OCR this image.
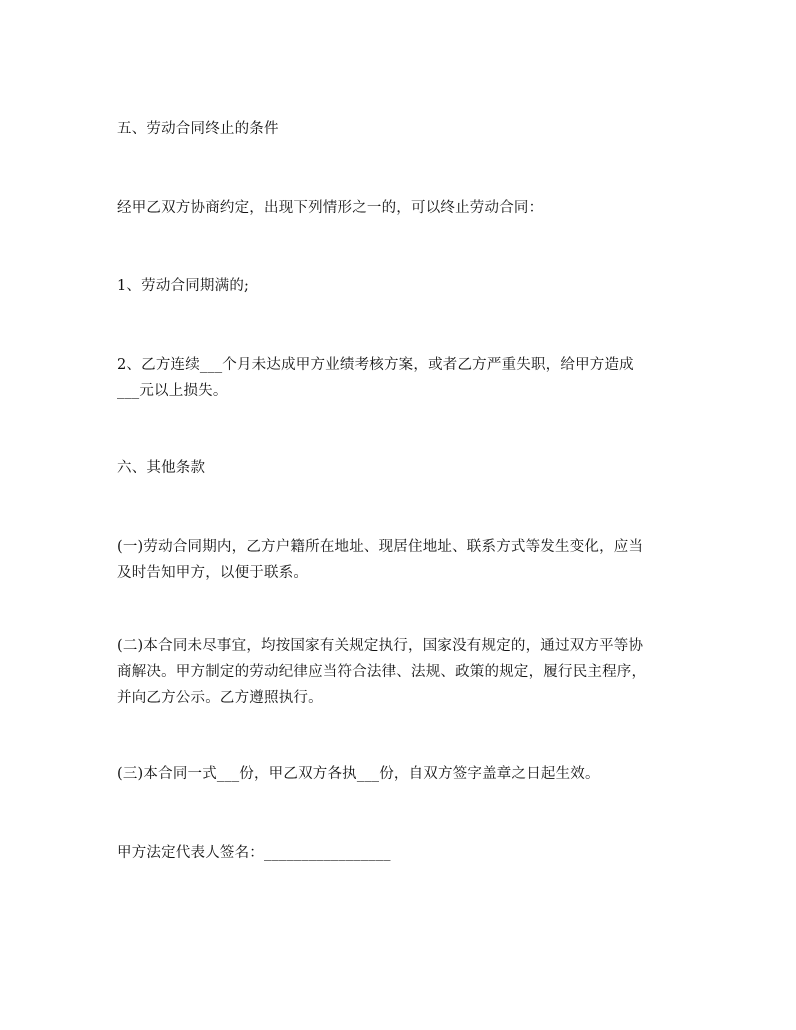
五、劳动合同终止的条件
经甲乙双方协商约定，出现下列情形之一的，可以终止劳动合同：
1、劳动合同期满的;
2、乙方连续___个月未达成甲方业绩考核方案，或者乙方严重失职，给甲方造成
___元以上损失。
六、其他条款
(一)劳动合同期内，乙方户籍所在地址、现居住地址、联系方式等发生变化，应当
及时告知甲方，以便于联系。
(二)本合同未尽事宜，均按国家有关规定执行，国家没有规定的，通过双方平等协
商解决。甲方制定的劳动纪律应当符合法律、法规、政策的规定，履行民主程序，
并向乙方公示。乙方遵照执行。
(三)本合同一式___份，甲乙双方各执___份，自双方签字盖章之日起生效。
甲方法定代表人签名：_________________
